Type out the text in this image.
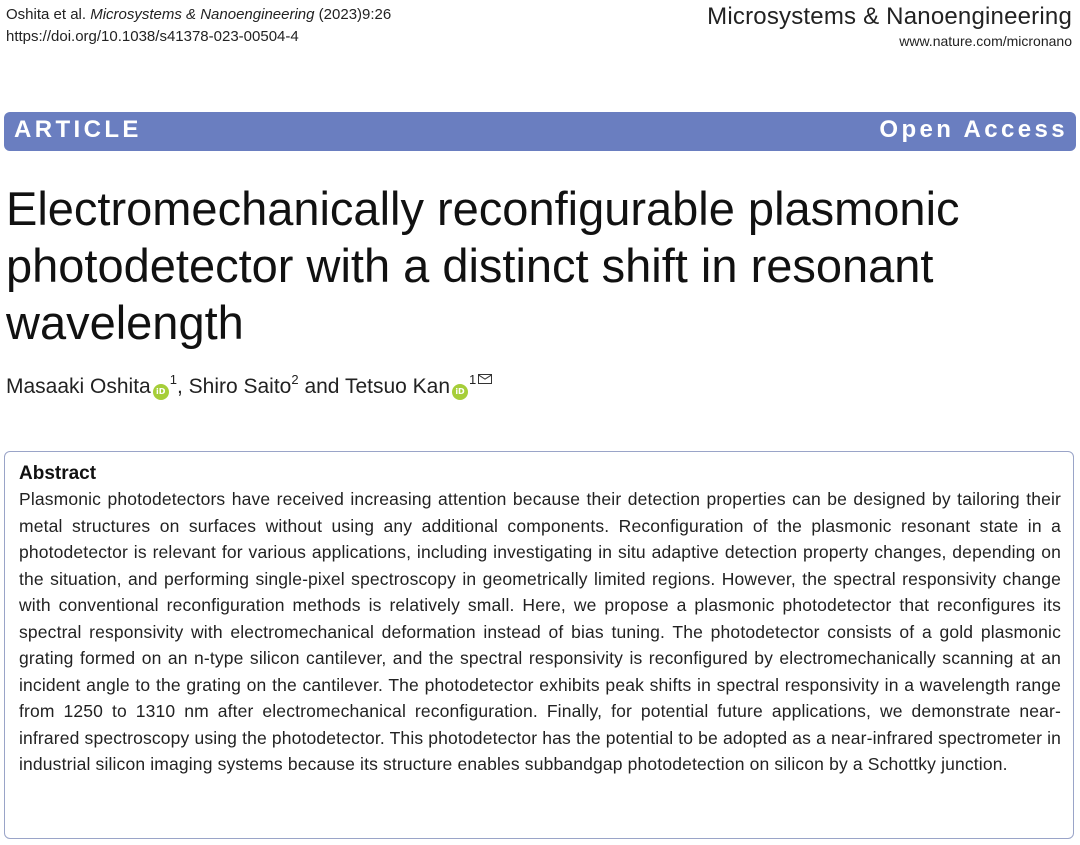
Oshita et al. Microsystems & Nanoengineering (2023)9:26
https://doi.org/10.1038/s41378-023-00504-4
Microsystems & Nanoengineering
www.nature.com/micronano
ARTICLE	Open Access
Electromechanically reconfigurable plasmonic photodetector with a distinct shift in resonant wavelength
Masaaki Oshita $iD^1$, Shiro Saito$^2$ and Tetsuo Kan $iD^1$
Abstract

Plasmonic photodetectors have received increasing attention because their detection properties can be designed by tailoring their metal structures on surfaces without using any additional components. Reconfiguration of the plasmonic resonant state in a photodetector is relevant for various applications, including investigating in situ adaptive detection property changes, depending on the situation, and performing single-pixel spectroscopy in geometrically limited regions. However, the spectral responsivity change with conventional reconfiguration methods is relatively small. Here, we propose a plasmonic photodetector that reconfigures its spectral responsivity with electromechanical deformation instead of bias tuning. The photodetector consists of a gold plasmonic grating formed on an n-type silicon cantilever, and the spectral responsivity is reconfigured by electromechanically scanning at an incident angle to the grating on the cantilever. The photodetector exhibits peak shifts in spectral responsivity in a wavelength range from 1250 to 1310 nm after electromechanical reconfiguration. Finally, for potential future applications, we demonstrate near-infrared spectroscopy using the photodetector. This photodetector has the potential to be adopted as a near-infrared spectrometer in industrial silicon imaging systems because its structure enables subbandgap photodetection on silicon by a Schottky junction.
